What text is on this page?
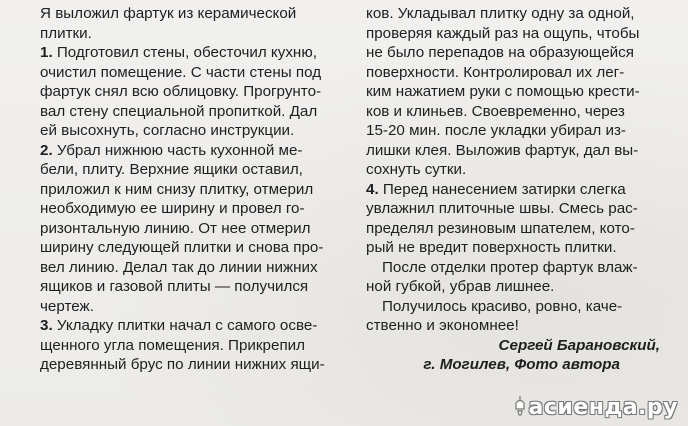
Я выложил фартук из керамической
плитки.
1. Подготовил стены, обесточил кухню,
очистил помещение. С части стены под
фартук снял всю облицовку. Прогрунто-
вал стену специальной пропиткой. Дал
ей высохнуть, согласно инструкции.
2. Убрал нижнюю часть кухонной ме-
бели, плиту. Верхние ящики оставил,
приложил к ним снизу плитку, отмерил
необходимую ее ширину и провел го-
ризонтальную линию. От нее отмерил
ширину следующей плитки и снова про-
вел линию. Делал так до линии нижних
ящиков и газовой плиты — получился
чертеж.
3. Укладку плитки начал с самого осве-
щенного угла помещения. Прикрепил
деревянный брус по линии нижних ящи-
ков. Укладывал плитку одну за одной,
проверяя каждый раз на ощупь, чтобы
не было перепадов на образующейся
поверхности. Контролировал их лег-
ким нажатием руки с помощью крести-
ков и клиньев. Своевременно, через
15-20 мин. после укладки убирал из-
лишки клея. Выложив фартук, дал вы-
сохнуть сутки.
4. Перед нанесением затирки слегка
увлажнил плиточные швы. Смесь рас-
пределял резиновым шпателем, кото-
рый не вредит поверхность плитки.
После отделки протер фартук влаж-
ной губкой, убрав лишнее.
Получилось красиво, ровно, каче-
ственно и экономнее!
Сергей Барановский,
г. Могилев, Фото автора
асиенда.ру
